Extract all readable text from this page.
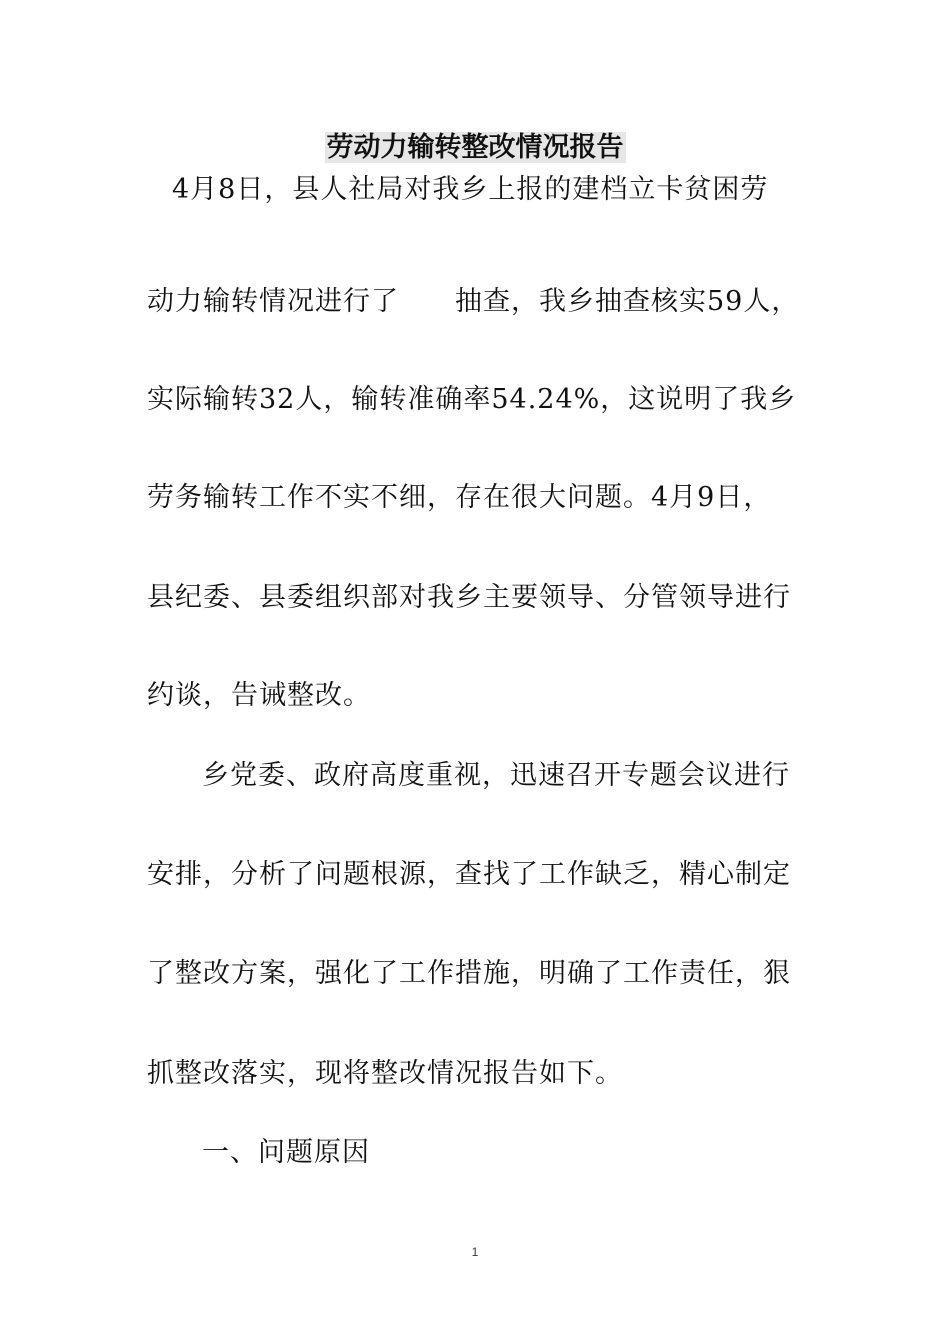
劳动力输转整改情况报告
4月8日，县人社局对我乡上报的建档立卡贫困劳
动力输转情况进行了　　抽查，我乡抽查核实59人，
实际输转32人，输转准确率54.24%，这说明了我乡
劳务输转工作不实不细，存在很大问题。4月9日，
县纪委、县委组织部对我乡主要领导、分管领导进行
约谈，告诫整改。
乡党委、政府高度重视，迅速召开专题会议进行
安排，分析了问题根源，查找了工作缺乏，精心制定
了整改方案，强化了工作措施，明确了工作责任，狠
抓整改落实，现将整改情况报告如下。
一、问题原因
1
